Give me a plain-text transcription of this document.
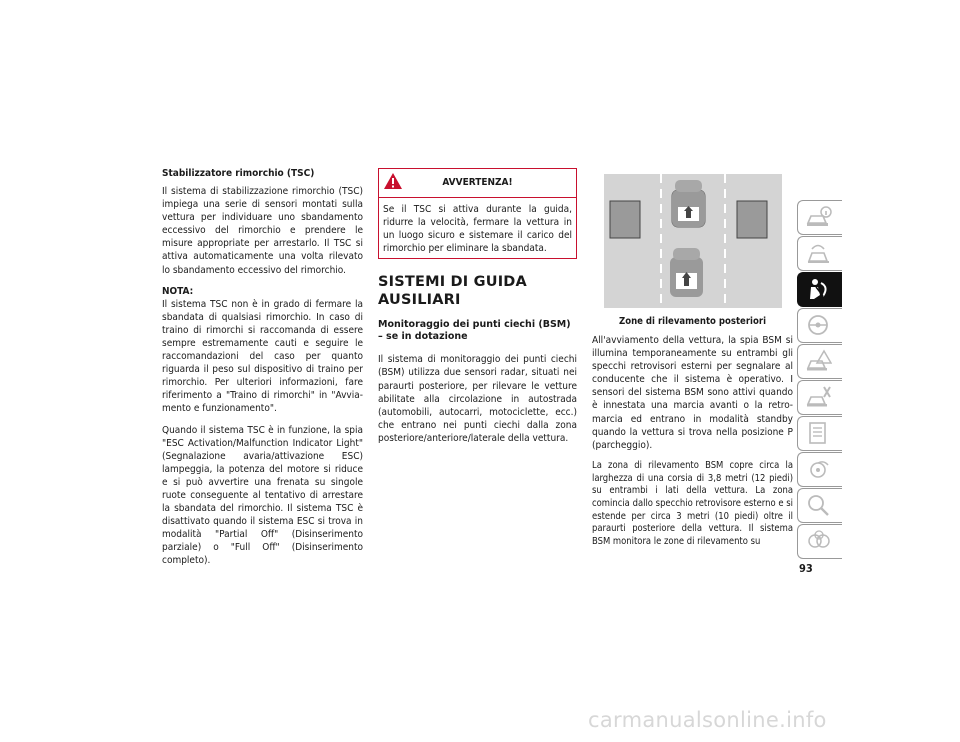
Stabilizzatore rimorchio (TSC)

Il sistema di stabilizzazione rimorchio (TSC) impiega una serie di sensori montati sulla vettura per individuare uno sbandamento eccessivo del rimorchio e prendere le misure appropriate per arrestarlo. Il TSC si attiva automaticamente una volta rilevato lo sbandamento eccessivo del rimorchio.

NOTA:

Il sistema TSC non è in grado di fermare la sbandata di qualsiasi rimorchio. In caso di traino di rimorchi si raccomanda di essere sempre estremamente cauti e seguire le raccomandazioni del caso per quanto riguarda il peso sul dispositivo di traino per rimorchio. Per ulteriori informazioni, fare riferimento a "Traino di rimorchi" in "Avviamento e funzionamento".

Quando il sistema TSC è in funzione, la spia "ESC Activation/Malfunction Indicator Light" (Segnalazione avaria/attivazione ESC) lampeggia, la potenza del motore si riduce e si può avvertire una frenata su singole ruote conseguente al tentativo di arrestare la sbandata del rimorchio. Il sistema TSC è disattivato quando il sistema ESC si trova in modalità "Partial Off" (Disinserimento parziale) o "Full Off" (Disinserimento completo).

AVVERTENZA!

Se il TSC si attiva durante la guida, ridurre la velocità, fermare la vettura in un luogo sicuro e sistemare il carico del rimorchio per eliminare la sbandata.

SISTEMI DI GUIDA AUSILIARI
Monitoraggio dei punti ciechi (BSM) – se in dotazione

Il sistema di monitoraggio dei punti ciechi (BSM) utilizza due sensori radar, situati nei paraurti posteriore, per rilevare le vetture abilitate alla circolazione in autostrada (automobili, autocarri, motociclette, ecc.) che entrano nei punti ciechi dalla zona posteriore/anteriore/laterale della vettura.

Zone di rilevamento posteriori

All'avviamento della vettura, la spia BSM si illumina temporaneamente su entrambi gli specchi retrovisori esterni per segnalare al conducente che il sistema è operativo. I sensori del sistema BSM sono attivi quando è innestata una marcia avanti o la retromarcia ed entrano in modalità standby quando la vettura si trova nella posizione P (parcheggio).

La zona di rilevamento BSM copre circa la larghezza di una corsia di 3,8 metri (12 piedi) su entrambi i lati della vettura. La zona comincia dallo specchio retrovisore esterno e si estende per circa 3 metri (10 piedi) oltre il paraurti posteriore della vettura. Il sistema BSM monitora le zone di rilevamento su

93
carmanualsonline.info
